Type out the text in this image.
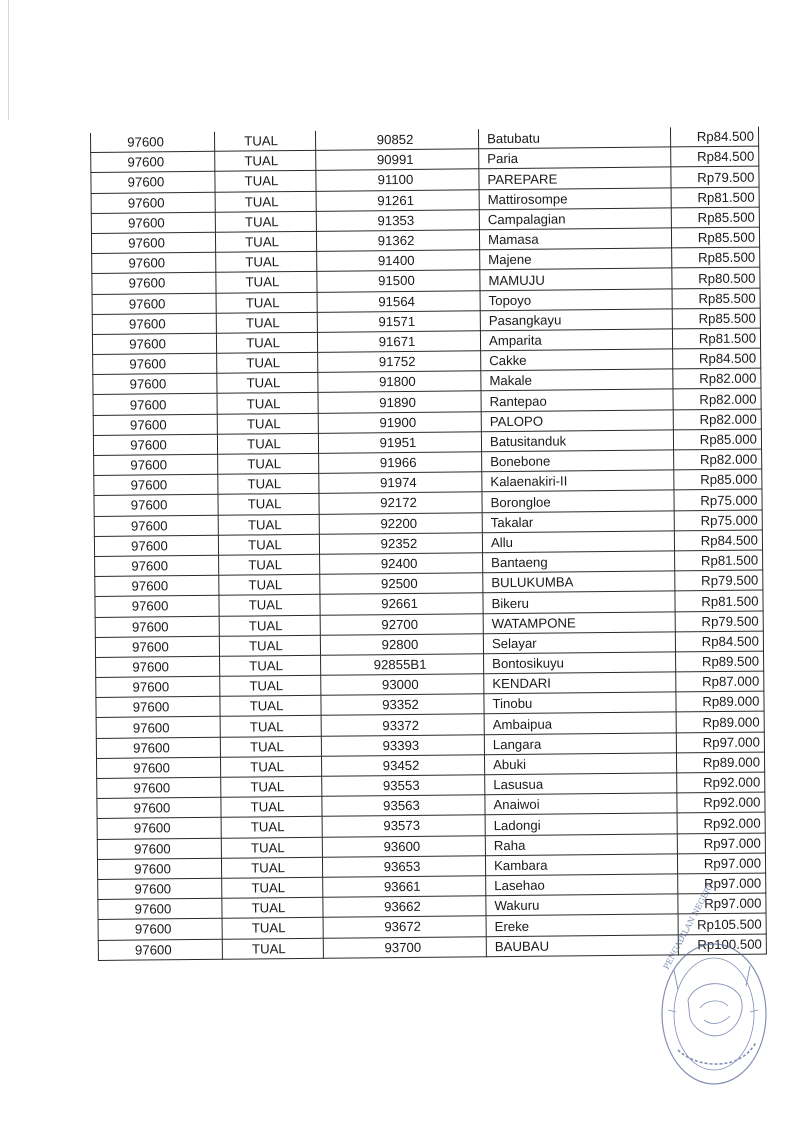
97600	TUAL	90852	Batubatu	Rp84.500
97600	TUAL	90991	Paria	Rp84.500
97600	TUAL	91100	PAREPARE	Rp79.500
97600	TUAL	91261	Mattirosompe	Rp81.500
97600	TUAL	91353	Campalagian	Rp85.500
97600	TUAL	91362	Mamasa	Rp85.500
97600	TUAL	91400	Majene	Rp85.500
97600	TUAL	91500	MAMUJU	Rp80.500
97600	TUAL	91564	Topoyo	Rp85.500
97600	TUAL	91571	Pasangkayu	Rp85.500
97600	TUAL	91671	Amparita	Rp81.500
97600	TUAL	91752	Cakke	Rp84.500
97600	TUAL	91800	Makale	Rp82.000
97600	TUAL	91890	Rantepao	Rp82.000
97600	TUAL	91900	PALOPO	Rp82.000
97600	TUAL	91951	Batusitanduk	Rp85.000
97600	TUAL	91966	Bonebone	Rp82.000
97600	TUAL	91974	Kalaenakiri-II	Rp85.000
97600	TUAL	92172	Borongloe	Rp75.000
97600	TUAL	92200	Takalar	Rp75.000
97600	TUAL	92352	Allu	Rp84.500
97600	TUAL	92400	Bantaeng	Rp81.500
97600	TUAL	92500	BULUKUMBA	Rp79.500
97600	TUAL	92661	Bikeru	Rp81.500
97600	TUAL	92700	WATAMPONE	Rp79.500
97600	TUAL	92800	Selayar	Rp84.500
97600	TUAL	92855B1	Bontosikuyu	Rp89.500
97600	TUAL	93000	KENDARI	Rp87.000
97600	TUAL	93352	Tinobu	Rp89.000
97600	TUAL	93372	Ambaipua	Rp89.000
97600	TUAL	93393	Langara	Rp97.000
97600	TUAL	93452	Abuki	Rp89.000
97600	TUAL	93553	Lasusua	Rp92.000
97600	TUAL	93563	Anaiwoi	Rp92.000
97600	TUAL	93573	Ladongi	Rp92.000
97600	TUAL	93600	Raha	Rp97.000
97600	TUAL	93653	Kambara	Rp97.000
97600	TUAL	93661	Lasehao	Rp97.000
97600	TUAL	93662	Wakuru	Rp97.000
97600	TUAL	93672	Ereke	Rp105.500
97600	TUAL	93700	BAUBAU	Rp100.500
PENGADILAN NEGERI
